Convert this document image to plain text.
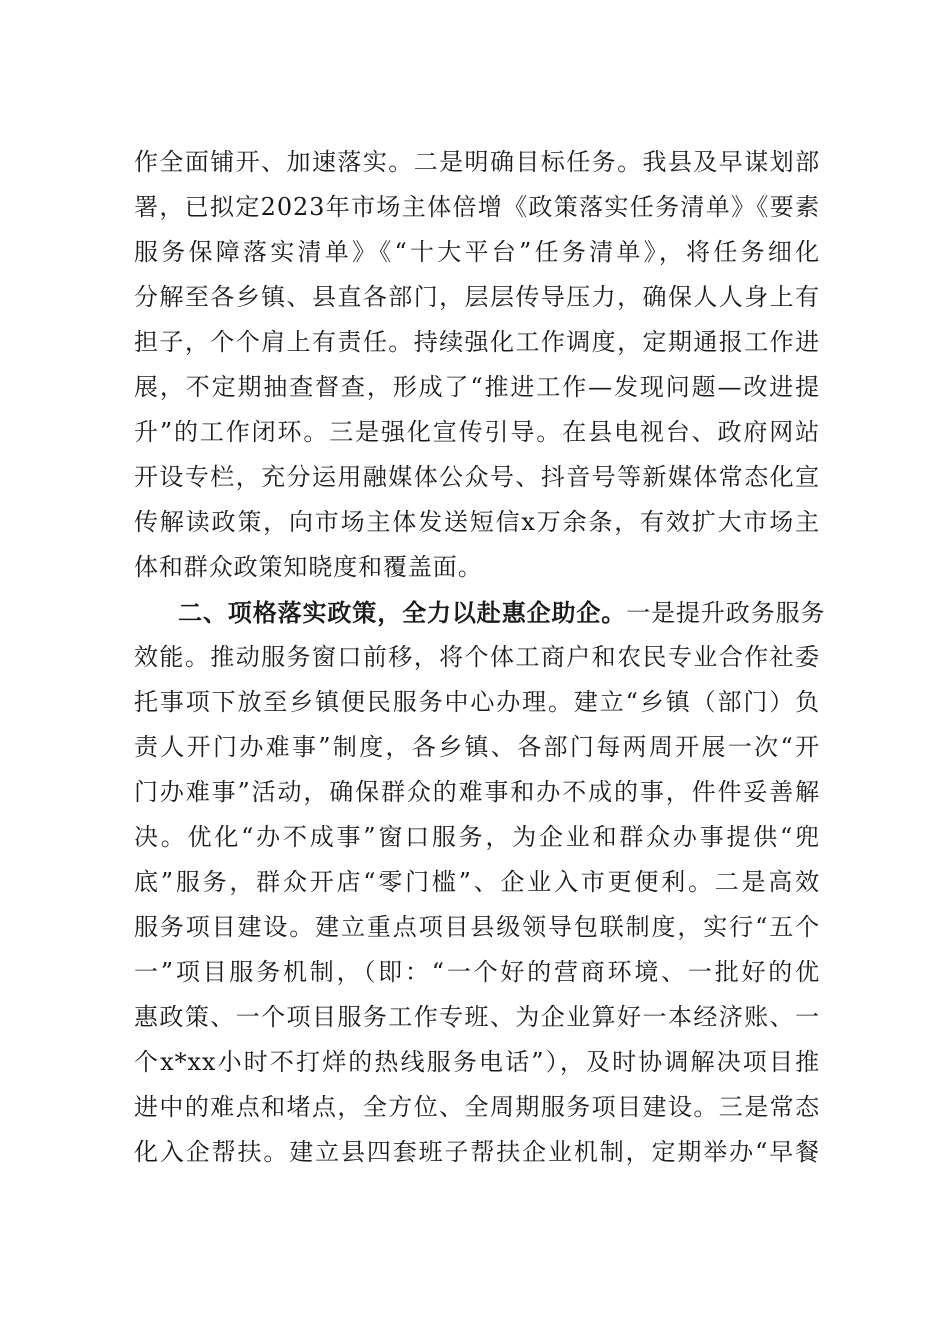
作全面铺开、加速落实。二是明确目标任务。我县及早谋划部
署，已拟定2023年市场主体倍增《政策落实任务清单》《要素
服务保障落实清单》《“十大平台”任务清单》，将任务细化
分解至各乡镇、县直各部门，层层传导压力，确保人人身上有
担子，个个肩上有责任。持续强化工作调度，定期通报工作进
展，不定期抽查督查，形成了“推进工作—发现问题—改进提
升”的工作闭环。三是强化宣传引导。在县电视台、政府网站
开设专栏，充分运用融媒体公众号、抖音号等新媒体常态化宣
传解读政策，向市场主体发送短信x万余条，有效扩大市场主
体和群众政策知晓度和覆盖面。
二、项格落实政策，全力以赴惠企助企。一是提升政务服务
效能。推动服务窗口前移，将个体工商户和农民专业合作社委
托事项下放至乡镇便民服务中心办理。建立“乡镇（部门）负
责人开门办难事”制度，各乡镇、各部门每两周开展一次“开
门办难事”活动，确保群众的难事和办不成的事，件件妥善解
决。优化“办不成事”窗口服务，为企业和群众办事提供“兜
底”服务，群众开店“零门槛”、企业入市更便利。二是高效
服务项目建设。建立重点项目县级领导包联制度，实行“五个
一”项目服务机制，（即：“一个好的营商环境、一批好的优
惠政策、一个项目服务工作专班、为企业算好一本经济账、一
个x*xx小时不打烊的热线服务电话”），及时协调解决项目推
进中的难点和堵点，全方位、全周期服务项目建设。三是常态
化入企帮扶。建立县四套班子帮扶企业机制，定期举办“早餐
